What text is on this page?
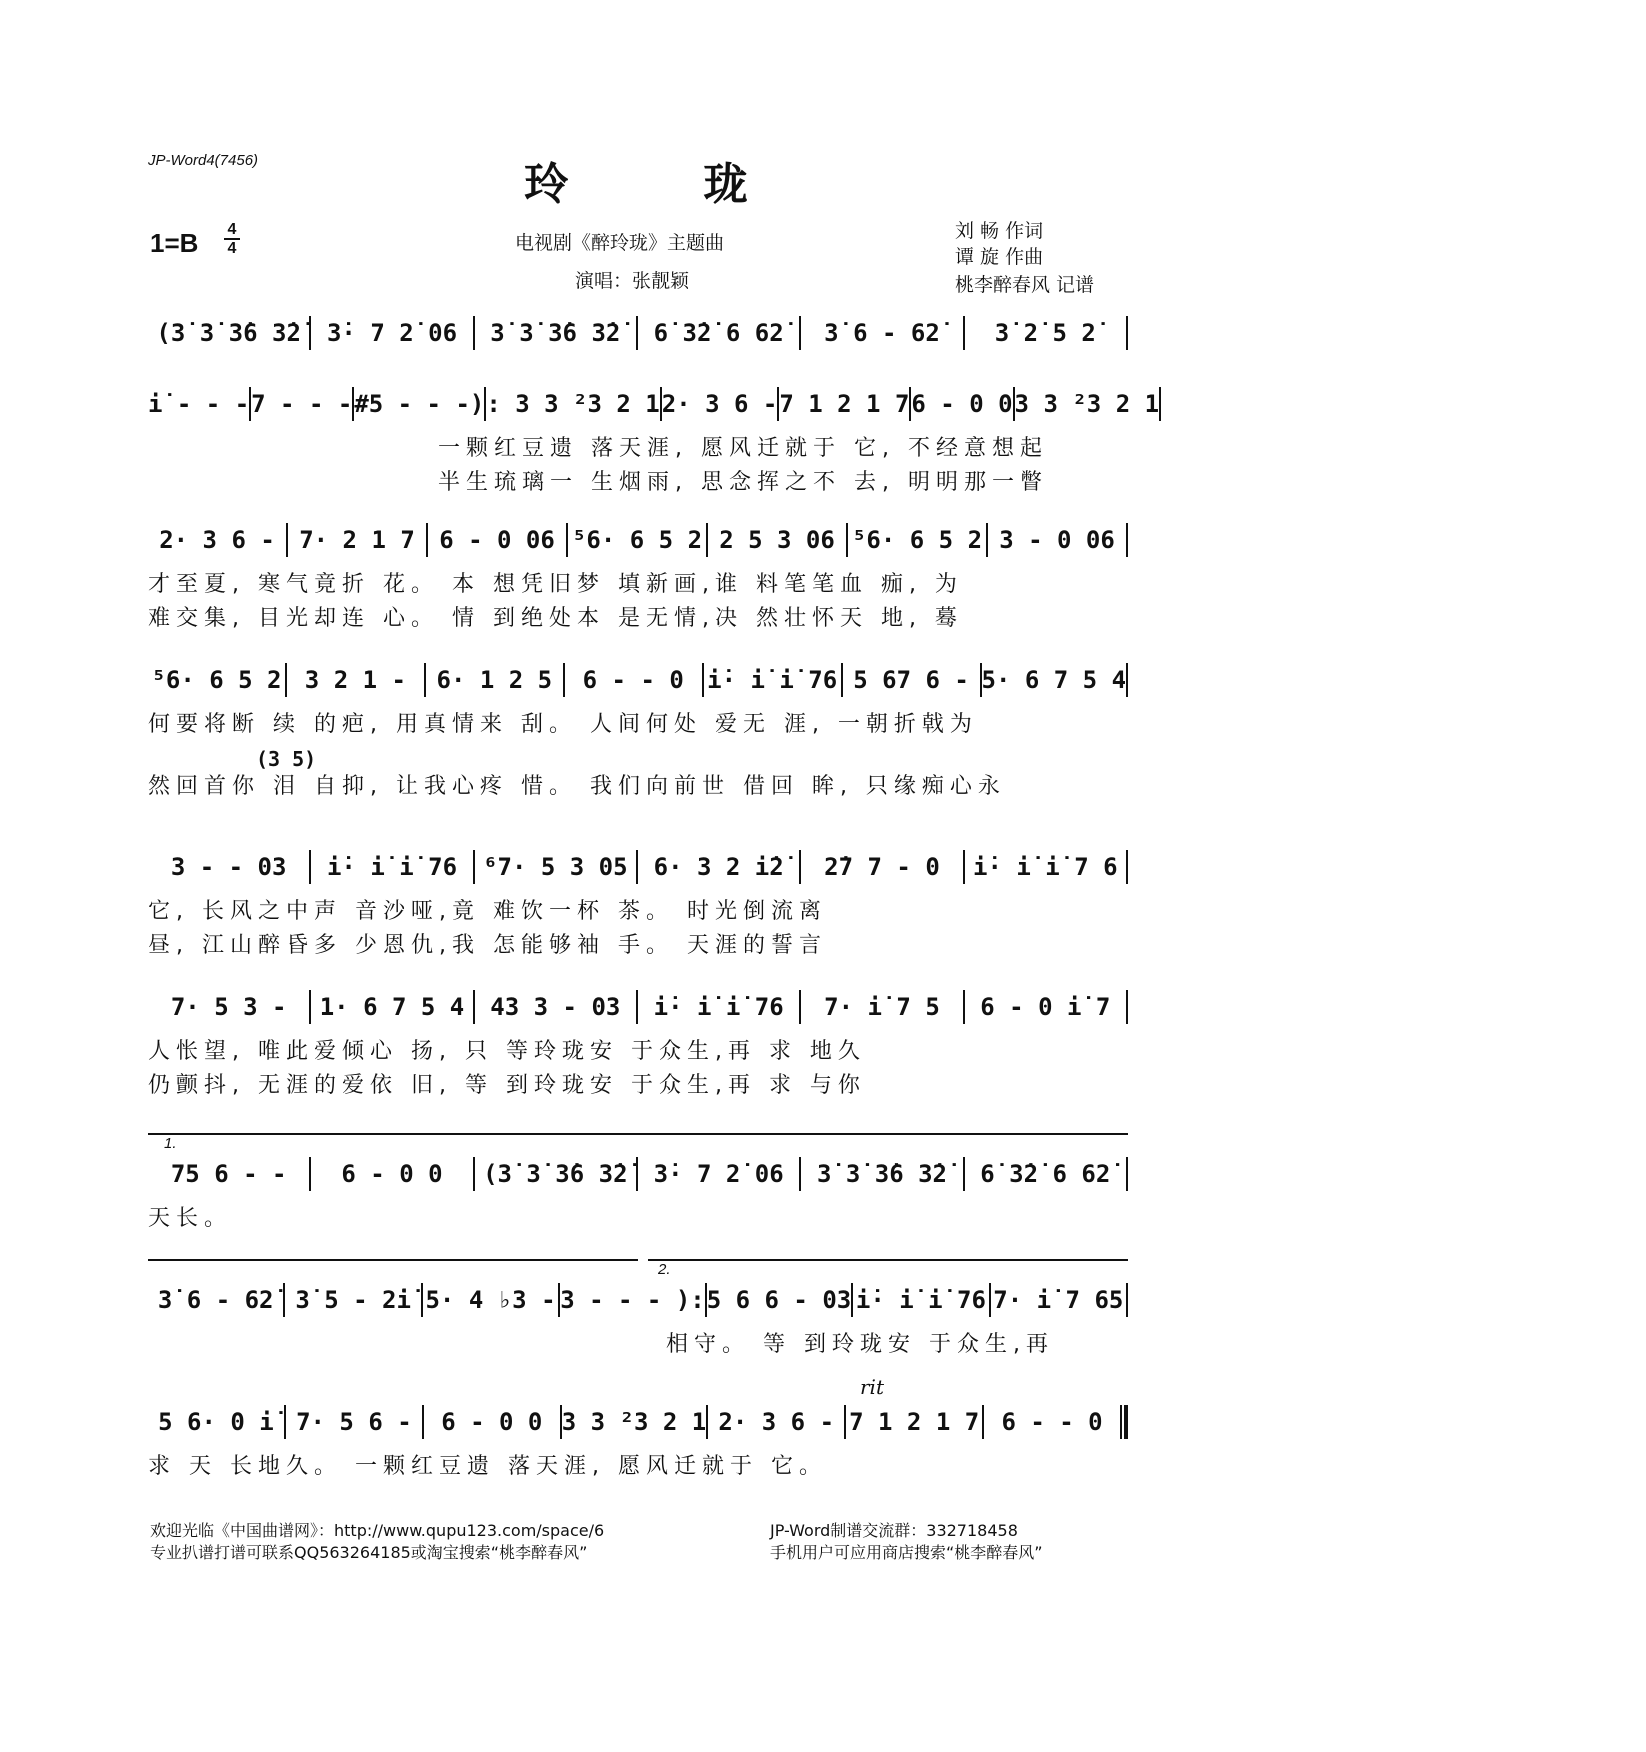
JP-Word4(7456)	玲 珑
1=B 4
4	电视剧《醉玲珑》主题曲
演唱：张靓颖
刘 畅 作词
谭 旋 作曲
桃李醉春风 记谱
(3̇ 3̇ 3̇6 3̇2̇	3̇· 7 2̇ 06	3̇ 3̇ 3̇6 3̇2̇	6̇ 3̇2̇ 6 62̇	3̇ 6 - 62̇	3̇ 2̇ 5 2̇
i̇ - - - 7 - - - #5 - - -) : 3 3 ²3 2 1 2· 3 6 - 7 1 2 1 7 6 - 0 0 3 3 ²3 2 1
一颗红豆遗 落天涯, 愿风迁就于 它, 不经意想起
半生琉璃一 生烟雨, 思念挥之不 去, 明明那一瞥
2· 3 6 -	7· 2 1 7	6 - 0 06 ⁵6· 6 5 2 2 5 3 06 ⁵6· 6 5 2 3 - 0 06
才至夏, 寒气竟折 花。 本 想凭旧梦 填新画,谁 料笔笔血 痂, 为
难交集, 目光却连 心。 情 到绝处本 是无情,决 然壮怀天 地, 蓦
⁵6· 6 5 2 3 2 1 -	6· 1 2 5	6 - - 0 i̇· i̇ i̇ 76 5 67 6 - 5· 6 7 5 4
(3 5)
何要将断 续 的疤, 用真情来 刮。 人间何处 爱无 涯, 一朝折戟为
然回首你 泪 自抑, 让我心疼 惜。 我们向前世 借回 眸, 只缘痴心永
3 - - 03	i̇· i̇ i̇ 76	⁶7· 5 3 05	6· 3 2 i̇2̇	2̇7 7 - 0	i̇· i̇ i̇ 7 6
它, 长风之中声 音沙哑,竟 难饮一杯 茶。 时光倒流离
昼, 江山醉昏多 少恩仇,我 怎能够袖 手。 天涯的誓言
7· 5 3 -	1· 6 7 5 4	43 3 - 03	i̇· i̇ i̇ 76	7· i̇ 7 5	6 - 0 i̇ 7
人怅望, 唯此爱倾心 扬, 只 等玲珑安 于众生,再 求 地久
仍颤抖, 无涯的爱依 旧, 等 到玲珑安 于众生,再 求 与你
1.
75 6 - -	6 - 0 0	(3̇ 3̇ 3̇6 3̇2̇	3̇· 7 2̇ 06	3̇ 3̇ 3̇6 3̇2̇	6̇ 3̇2̇ 6 62̇
天长。
2.
3̇ 6 - 62̇ 3̇ 5 - 2̇i̇ 5· 4 ♭3 - 3 - - - ): 5 6 6 - 03 i̇· i̇ i̇ 76 7· i̇ 7 65
相守。 等 到玲珑安 于众生,再
rit
5 6· 0 i̇ 7· 5 6 -	6 - 0 0 3 3 ²3 2 1 2· 3 6 - 7 1 2 1 7 6 - - 0
求 天 长地久。 一颗红豆遗 落天涯, 愿风迁就于 它。
欢迎光临《中国曲谱网》：http://www.qupu123.com/space/6
专业扒谱打谱可联系QQ563264185或淘宝搜索“桃李醉春风”
JP-Word制谱交流群：332718458
手机用户可应用商店搜索“桃李醉春风”
